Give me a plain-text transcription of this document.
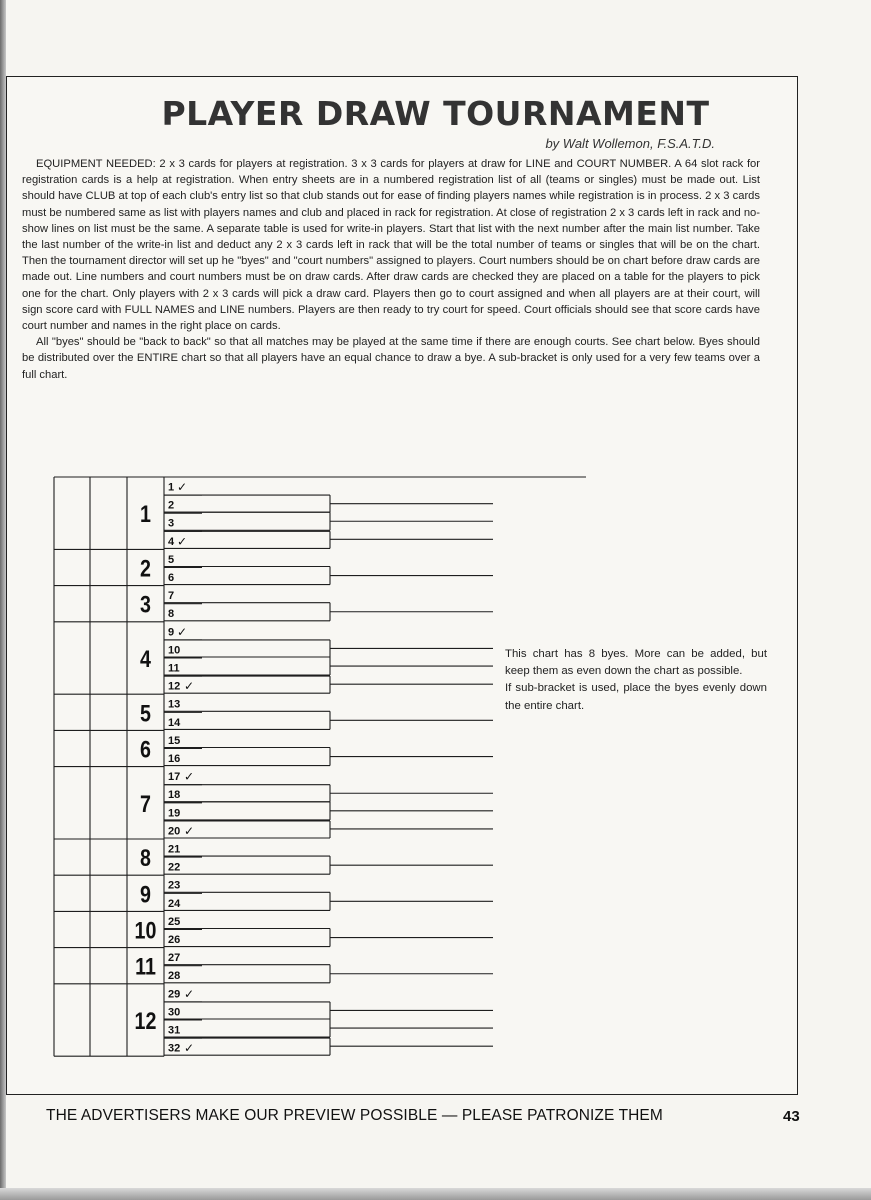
PLAYER DRAW TOURNAMENT
by Walt Wollemon, F.S.A.T.D.

EQUIPMENT NEEDED: 2 x 3 cards for players at registration. 3 x 3 cards for players at draw for LINE and COURT NUMBER. A 64 slot rack for registration cards is a help at registration. When entry sheets are in a numbered registration list of all (teams or singles) must be made out. List should have CLUB at top of each club's entry list so that club stands out for ease of finding players names while registration is in process. 2 x 3 cards must be numbered same as list with players names and club and placed in rack for registration. At close of registration 2 x 3 cards left in rack and no-show lines on list must be the same. A separate table is used for write-in players. Start that list with the next number after the main list number. Take the last number of the write-in list and deduct any 2 x 3 cards left in rack that will be the total number of teams or singles that will be on the chart. Then the tournament director will set up he "byes" and "court numbers" assigned to players. Court numbers should be on chart before draw cards are made out. Line numbers and court numbers must be on draw cards. After draw cards are checked they are placed on a table for the players to pick one for the chart. Only players with 2 x 3 cards will pick a draw card. Players then go to court assigned and when all players are at their court, will sign score card with FULL NAMES and LINE numbers. Players are then ready to try court for speed. Court officials should see that score cards have court number and names in the right place on cards.

All "byes" should be "back to back" so that all matches may be played at the same time if there are enough courts. See chart below. Byes should be distributed over the ENTIRE chart so that all players have an equal chance to draw a bye. A sub-bracket is only used for a very few teams over a full chart.

1
1 ✓
2
3
4 ✓
2 5
6
3 7
8
4
9 ✓
10
11
12 ✓
5 13
14
6 15
16
7
17 ✓
18
19
20 ✓
8 21
22
9 23
24
10 25
26
11 27
28
12
29 ✓
30
31
32 ✓

This chart has 8 byes. More can be added, but keep them as even down the chart as possible.

If sub-bracket is used, place the byes evenly down the entire chart.

THE ADVERTISERS MAKE OUR PREVIEW POSSIBLE — PLEASE PATRONIZE THEM	43
